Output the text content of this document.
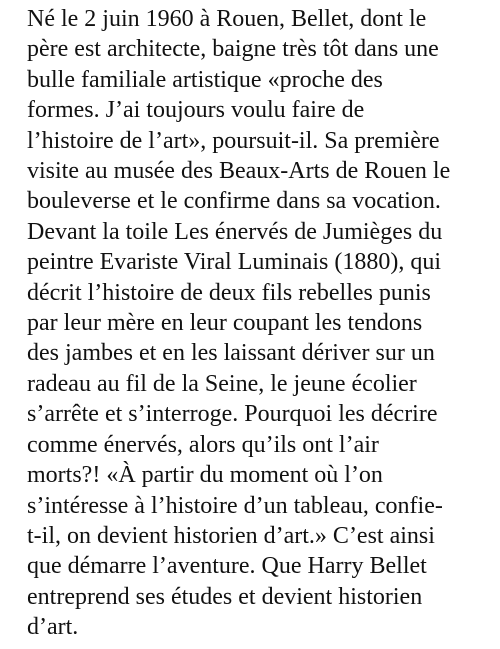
Né le 2 juin 1960 à Rouen, Bellet, dont le
père est architecte, baigne très tôt dans une
bulle familiale artistique «proche des
formes. J’ai toujours voulu faire de
l’histoire de l’art», poursuit-il. Sa première
visite au musée des Beaux-Arts de Rouen le
bouleverse et le confirme dans sa vocation.
Devant la toile Les énervés de Jumièges du
peintre Evariste Viral Luminais (1880), qui
décrit l’histoire de deux fils rebelles punis
par leur mère en leur coupant les tendons
des jambes et en les laissant dériver sur un
radeau au fil de la Seine, le jeune écolier
s’arrête et s’interroge. Pourquoi les décrire
comme énervés, alors qu’ils ont l’air
morts?! «À partir du moment où l’on
s’intéresse à l’histoire d’un tableau, confie-
t-il, on devient historien d’art.» C’est ainsi
que démarre l’aventure. Que Harry Bellet
entreprend ses études et devient historien
d’art.
